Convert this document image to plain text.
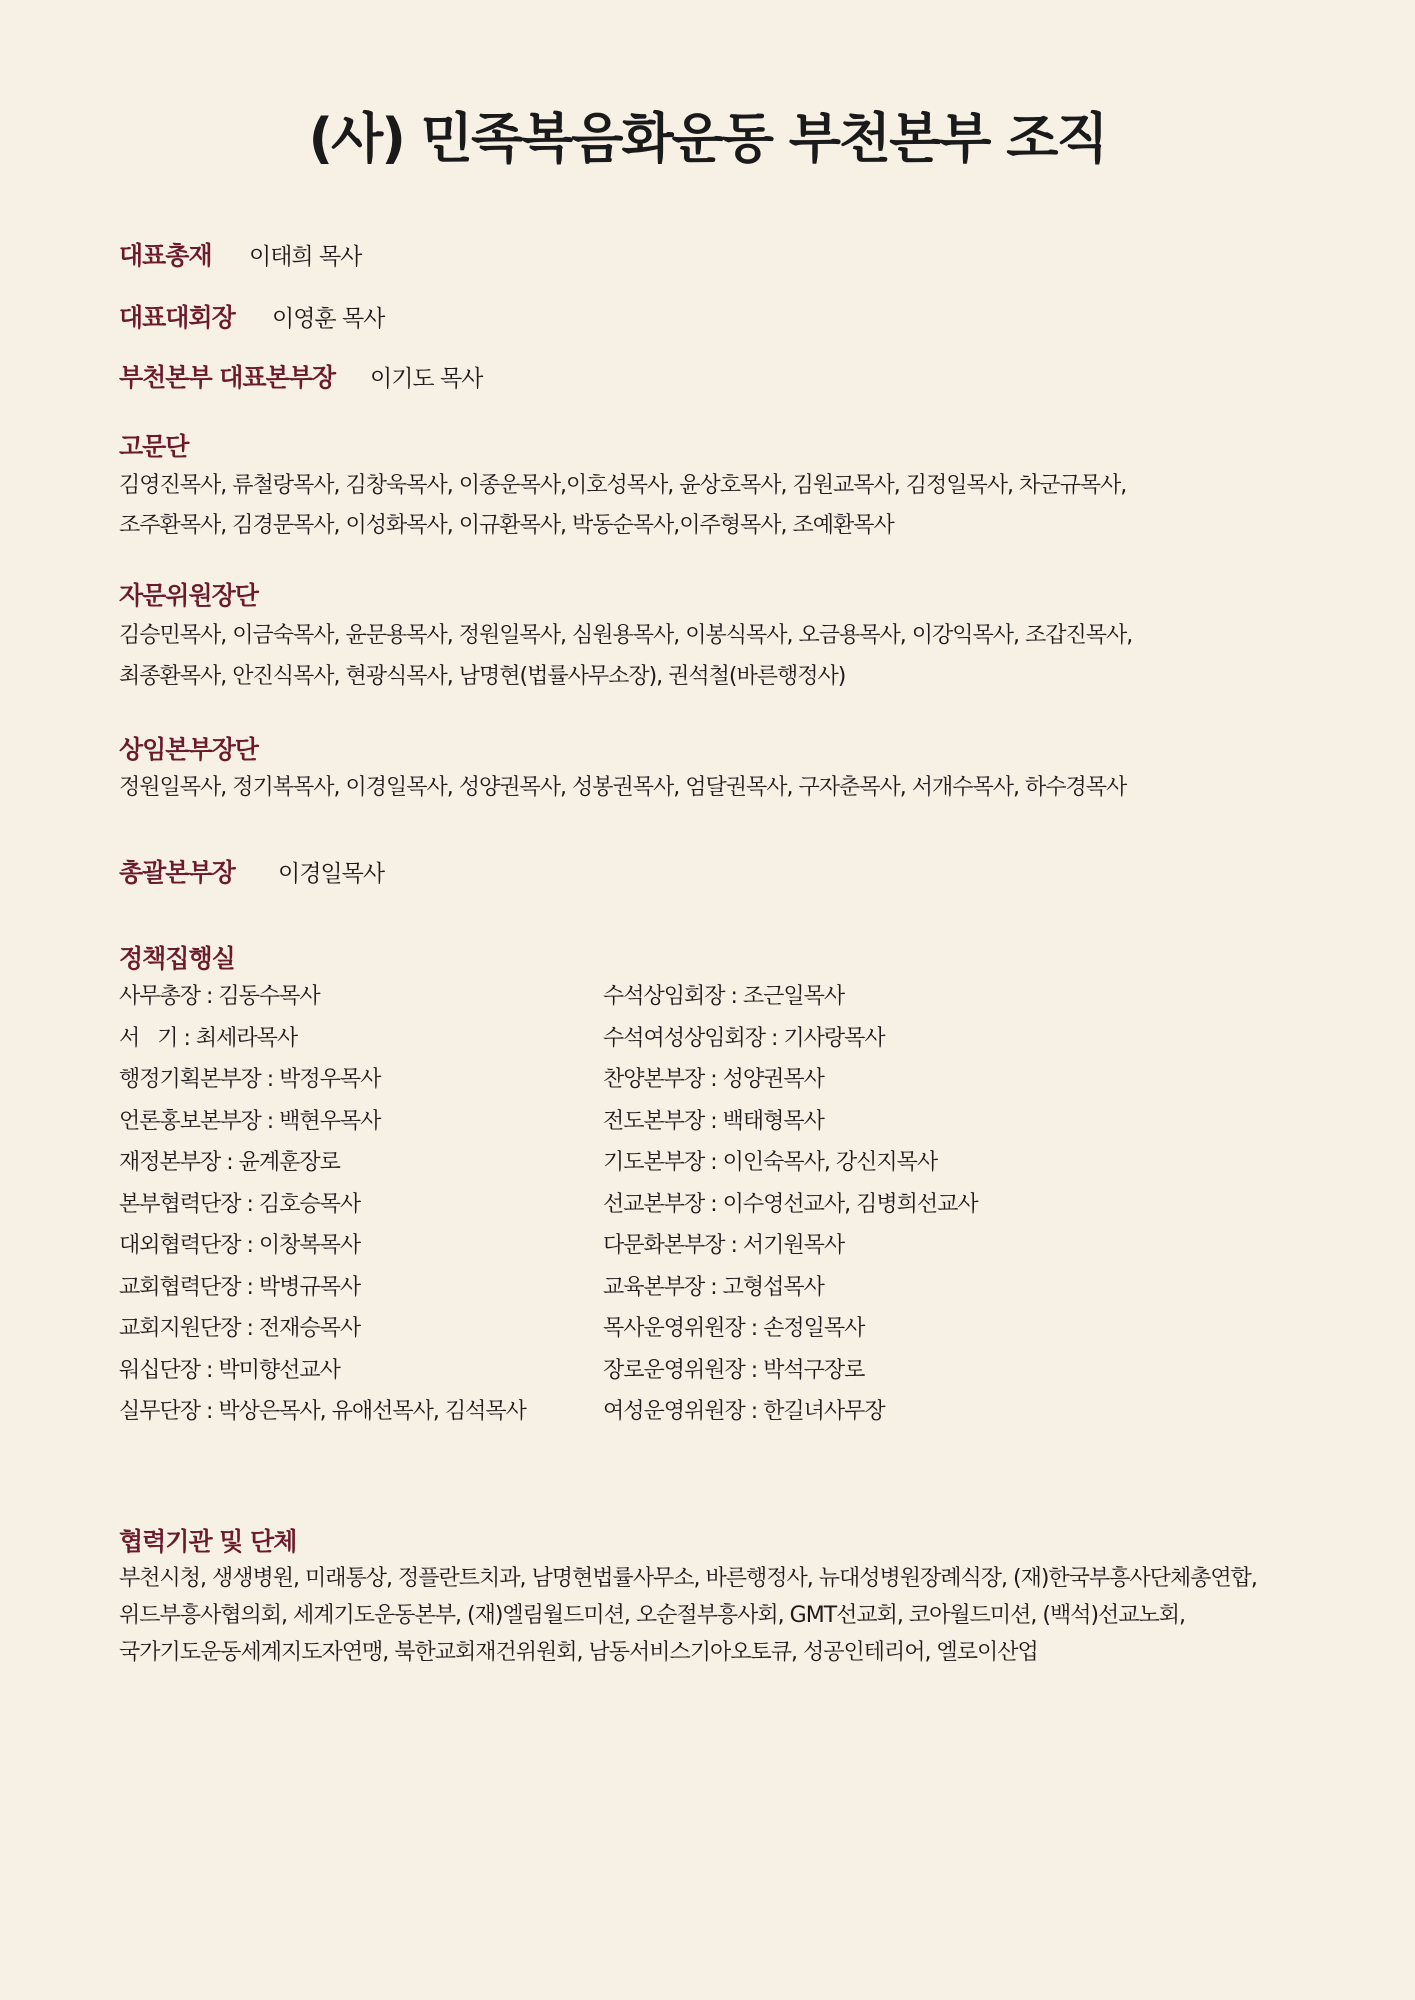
(사) 민족복음화운동 부천본부 조직
대표총재 이태희 목사
대표대회장 이영훈 목사
부천본부 대표본부장 이기도 목사
고문단
김영진목사, 류철랑목사, 김창욱목사, 이종운목사,이호성목사, 윤상호목사, 김원교목사, 김정일목사, 차군규목사,
조주환목사, 김경문목사, 이성화목사, 이규환목사, 박동순목사,이주형목사, 조예환목사
자문위원장단
김승민목사, 이금숙목사, 윤문용목사, 정원일목사, 심원용목사, 이봉식목사, 오금용목사, 이강익목사, 조갑진목사,
최종환목사, 안진식목사, 현광식목사, 남명현(법률사무소장), 권석철(바른행정사)
상임본부장단
정원일목사, 정기복목사, 이경일목사, 성양권목사, 성봉권목사, 엄달권목사, 구자춘목사, 서개수목사, 하수경목사
총괄본부장 이경일목사
정책집행실
사무총장 : 김동수목사
서   기 : 최세라목사
행정기획본부장 : 박정우목사
언론홍보본부장 : 백현우목사
재정본부장 : 윤계훈장로
본부협력단장 : 김호승목사
대외협력단장 : 이창복목사
교회협력단장 : 박병규목사
교회지원단장 : 전재승목사
워십단장 : 박미향선교사
실무단장 : 박상은목사, 유애선목사, 김석목사
수석상임회장 : 조근일목사
수석여성상임회장 : 기사랑목사
찬양본부장 : 성양권목사
전도본부장 : 백태형목사
기도본부장 : 이인숙목사, 강신지목사
선교본부장 : 이수영선교사, 김병희선교사
다문화본부장 : 서기원목사
교육본부장 : 고형섭목사
목사운영위원장 : 손정일목사
장로운영위원장 : 박석구장로
여성운영위원장 : 한길녀사무장
협력기관 및 단체
부천시청, 생생병원, 미래통상, 정플란트치과, 남명현법률사무소, 바른행정사, 뉴대성병원장례식장, (재)한국부흥사단체총연합,
위드부흥사협의회, 세계기도운동본부, (재)엘림월드미션, 오순절부흥사회, GMT선교회, 코아월드미션, (백석)선교노회,
국가기도운동세계지도자연맹, 북한교회재건위원회, 남동서비스기아오토큐, 성공인테리어, 엘로이산업
